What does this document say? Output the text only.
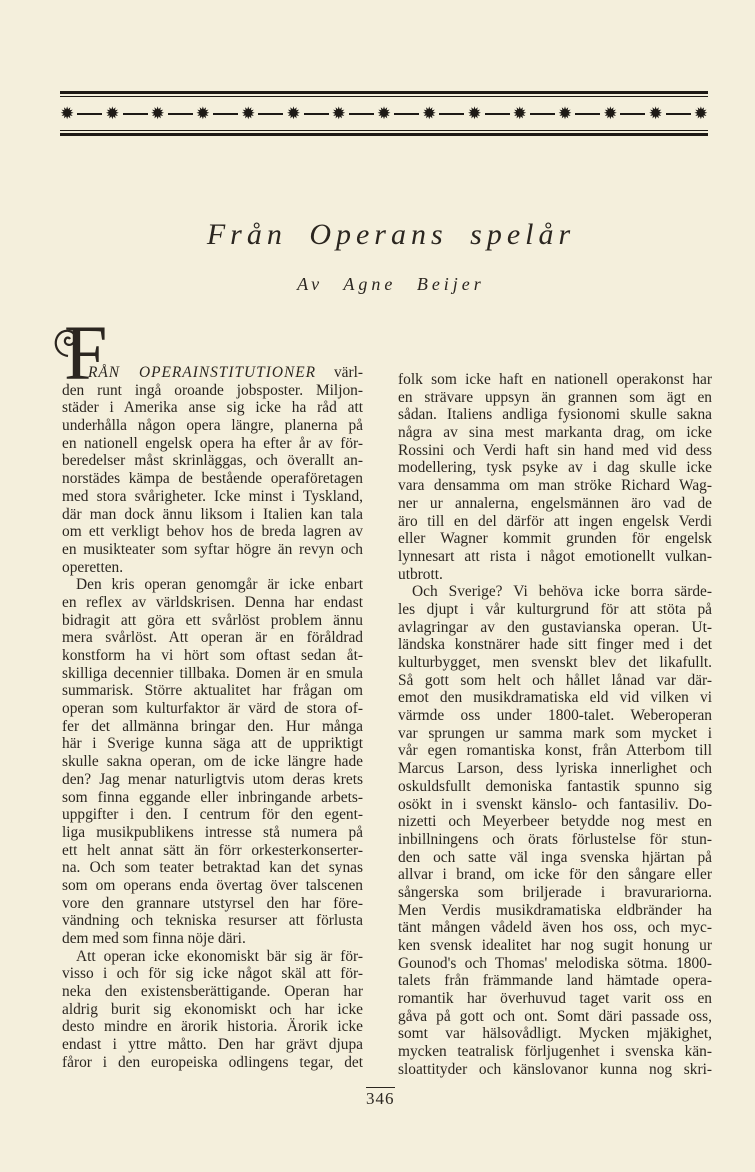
✹ ✹ ✹ ✹ ✹ ✹ ✹ ✹ ✹ ✹ ✹ ✹ ✹ ✹ ✹
Från Operans spelår
Av Agne Beijer
F
RÅN OPERAINSTITUTIONER värl-
den runt ingå oroande jobsposter. Miljon-
städer i Amerika anse sig icke ha råd att
underhålla någon opera längre, planerna på
en nationell engelsk opera ha efter år av för-
beredelser måst skrinläggas, och överallt an-
norstädes kämpa de bestående operaföretagen
med stora svårigheter. Icke minst i Tyskland,
där man dock ännu liksom i Italien kan tala
om ett verkligt behov hos de breda lagren av
en musikteater som syftar högre än revyn och
operetten.
Den kris operan genomgår är icke enbart
en reflex av världskrisen. Denna har endast
bidragit att göra ett svårlöst problem ännu
mera svårlöst. Att operan är en föråldrad
konstform ha vi hört som oftast sedan åt-
skilliga decennier tillbaka. Domen är en smula
summarisk. Större aktualitet har frågan om
operan som kulturfaktor är värd de stora of-
fer det allmänna bringar den. Hur många
här i Sverige kunna säga att de uppriktigt
skulle sakna operan, om de icke längre hade
den? Jag menar naturligtvis utom deras krets
som finna eggande eller inbringande arbets-
uppgifter i den. I centrum för den egent-
liga musikpublikens intresse stå numera på
ett helt annat sätt än förr orkesterkonserter-
na. Och som teater betraktad kan det synas
som om operans enda övertag över talscenen
vore den grannare utstyrsel den har före-
vändning och tekniska resurser att förlusta
dem med som finna nöje däri.
Att operan icke ekonomiskt bär sig är för-
visso i och för sig icke något skäl att för-
neka den existensberättigande. Operan har
aldrig burit sig ekonomiskt och har icke
desto mindre en ärorik historia. Ärorik icke
endast i yttre måtto. Den har grävt djupa
fåror i den europeiska odlingens tegar, det
folk som icke haft en nationell operakonst har
en strävare uppsyn än grannen som ägt en
sådan. Italiens andliga fysionomi skulle sakna
några av sina mest markanta drag, om icke
Rossini och Verdi haft sin hand med vid dess
modellering, tysk psyke av i dag skulle icke
vara densamma om man ströke Richard Wag-
ner ur annalerna, engelsmännen äro vad de
äro till en del därför att ingen engelsk Verdi
eller Wagner kommit grunden för engelsk
lynnesart att rista i något emotionellt vulkan-
utbrott.
Och Sverige? Vi behöva icke borra särde-
les djupt i vår kulturgrund för att stöta på
avlagringar av den gustavianska operan. Ut-
ländska konstnärer hade sitt finger med i det
kulturbygget, men svenskt blev det likafullt.
Så gott som helt och hållet lånad var där-
emot den musikdramatiska eld vid vilken vi
värmde oss under 1800-talet. Weberoperan
var sprungen ur samma mark som mycket i
vår egen romantiska konst, från Atterbom till
Marcus Larson, dess lyriska innerlighet och
oskuldsfullt demoniska fantastik spunno sig
osökt in i svenskt känslo- och fantasiliv. Do-
nizetti och Meyerbeer betydde nog mest en
inbillningens och örats förlustelse för stun-
den och satte väl inga svenska hjärtan på
allvar i brand, om icke för den sångare eller
sångerska som briljerade i bravurariorna.
Men Verdis musikdramatiska eldbränder ha
tänt mången vådeld även hos oss, och myc-
ken svensk idealitet har nog sugit honung ur
Gounod's och Thomas' melodiska sötma. 1800-
talets från främmande land hämtade opera-
romantik har överhuvud taget varit oss en
gåva på gott och ont. Somt däri passade oss,
somt var hälsovådligt. Mycken mjäkighet,
mycken teatralisk förljugenhet i svenska kän-
sloattityder och känslovanor kunna nog skri-
346
